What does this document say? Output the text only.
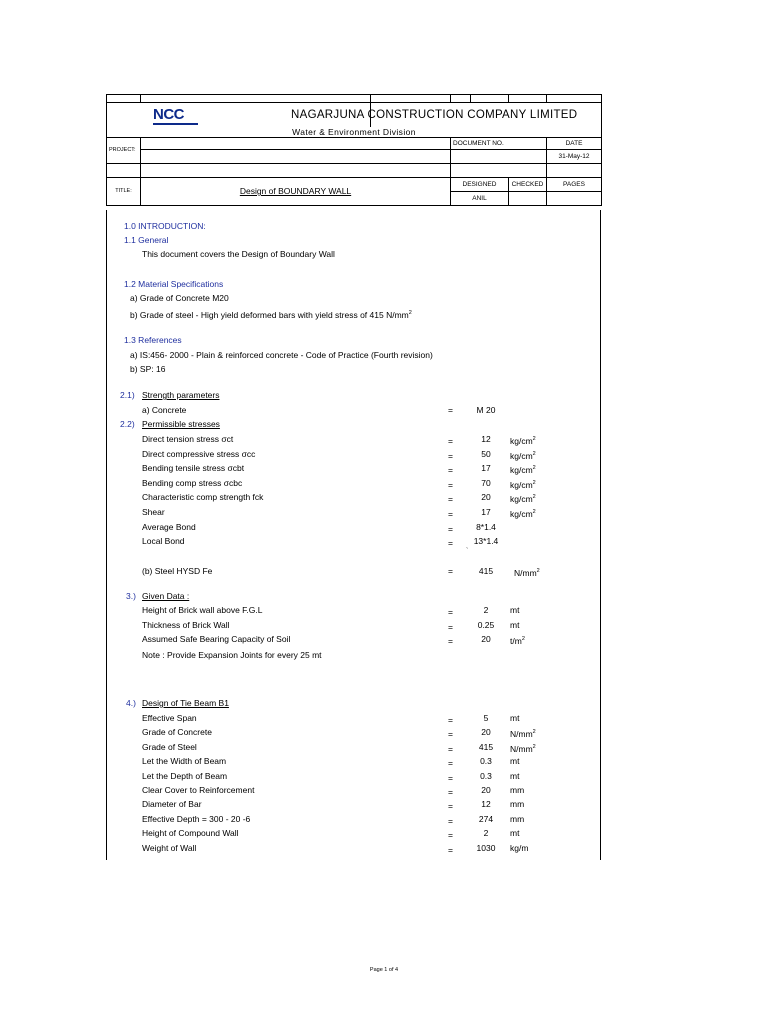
NCC		NAGARJUNA CONSTRUCTION COMPANY LIMITED				
Water & Environment Division						
PROJECT:			DOCUMENT NO.			DATE
						31-May-12

TITLE:	Design of BOUNDARY WALL		DESIGNED		CHECKED	PAGES
			ANIL			
1.0 INTRODUCTION:
1.1 General
This document covers the Design of Boundary Wall
1.2 Material Specifications
a) Grade of Concrete M20
b) Grade of steel - High yield deformed bars with yield stress of 415 $N/mm^2$
1.3 References
a) IS:456- 2000 - Plain & reinforced concrete - Code of Practice (Fourth revision)
b) SP: 16
2.1) Strength parameters
a) Concrete	=	M 20
2.2) Permissible stresses
Direct tension stress σct	=	12	$kg/cm^2$
Direct compressive stress σcc	=	50	$kg/cm^2$
Bending tensile stress σcbt	=	17	$kg/cm^2$
Bending comp stress σcbc	=	70	$kg/cm^2$
Characteristic comp strength fck	=	20	$kg/cm^2$
Shear	=	17	$kg/cm^2$
Average Bond	=	8*1.4
Local Bond	=	13*1.4
`
(b) Steel HYSD Fe	=	415	$N/mm^2$
3.) Given Data :
Height of Brick wall above F.G.L	=	2	mt
Thickness of Brick Wall	=	0.25	mt
Assumed Safe Bearing Capacity of Soil	=	20	$t/m^2$
Note : Provide Expansion Joints for every 25 mt
4.) Design of Tie Beam B1
Effective Span	=	5	mt
Grade of Concrete	=	20	$N/mm^2$
Grade of Steel	=	415	$N/mm^2$
Let the Width of Beam	=	0.3	mt
Let the Depth of Beam	=	0.3	mt
Clear Cover to Reinforcement	=	20	mm
Diameter of Bar	=	12	mm
Effective Depth = 300 - 20 -6	=	274	mm
Height of Compound Wall	=	2	mt
Weight of Wall	=	1030	kg/m
Page 1 of 4
